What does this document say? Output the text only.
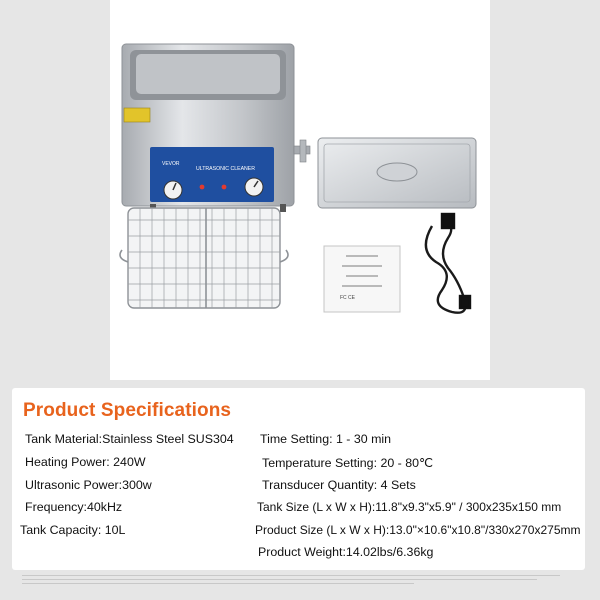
VEVOR
ULTRASONIC CLEANER
FC CE
Product Specifications
Tank Material:Stainless Steel SUS304
Heating Power: 240W
Ultrasonic Power:300w
Frequency:40kHz
Tank Capacity: 10L
Time Setting: 1 - 30 min
Temperature Setting: 20 - 80℃
Transducer Quantity: 4 Sets
Tank Size (L x W x H):11.8"x9.3"x5.9" / 300x235x150 mm
Product Size (L x W x H):13.0"×10.6"x10.8"/330x270x275mm
Product Weight:14.02lbs/6.36kg
